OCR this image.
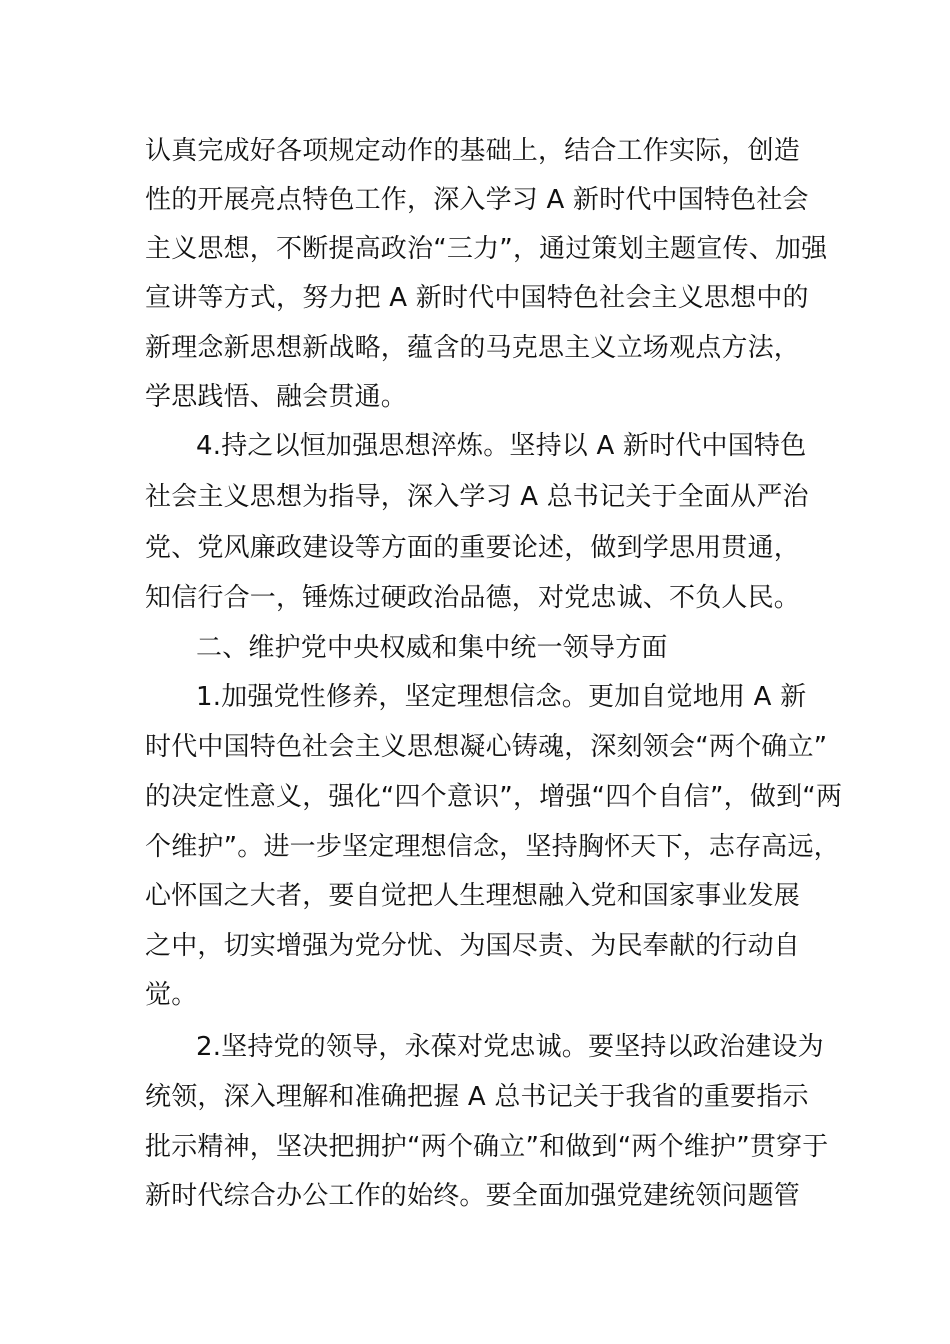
认真完成好各项规定动作的基础上，结合工作实际，创造
性的开展亮点特色工作，深入学习 A 新时代中国特色社会
主义思想，不断提高政治“三力”，通过策划主题宣传、加强
宣讲等方式，努力把 A 新时代中国特色社会主义思想中的
新理念新思想新战略，蕴含的马克思主义立场观点方法，
学思践悟、融会贯通。
4.持之以恒加强思想淬炼。坚持以 A 新时代中国特色
社会主义思想为指导，深入学习 A 总书记关于全面从严治
党、党风廉政建设等方面的重要论述，做到学思用贯通，
知信行合一，锤炼过硬政治品德，对党忠诚、不负人民。
二、维护党中央权威和集中统一领导方面
1.加强党性修养，坚定理想信念。更加自觉地用 A 新
时代中国特色社会主义思想凝心铸魂，深刻领会“两个确立”
的决定性意义，强化“四个意识”，增强“四个自信”，做到“两
个维护”。进一步坚定理想信念，坚持胸怀天下，志存高远，
心怀国之大者，要自觉把人生理想融入党和国家事业发展
之中，切实增强为党分忧、为国尽责、为民奉献的行动自
觉。
2.坚持党的领导，永葆对党忠诚。要坚持以政治建设为
统领，深入理解和准确把握 A 总书记关于我省的重要指示
批示精神，坚决把拥护“两个确立”和做到“两个维护”贯穿于
新时代综合办公工作的始终。要全面加强党建统领问题管
